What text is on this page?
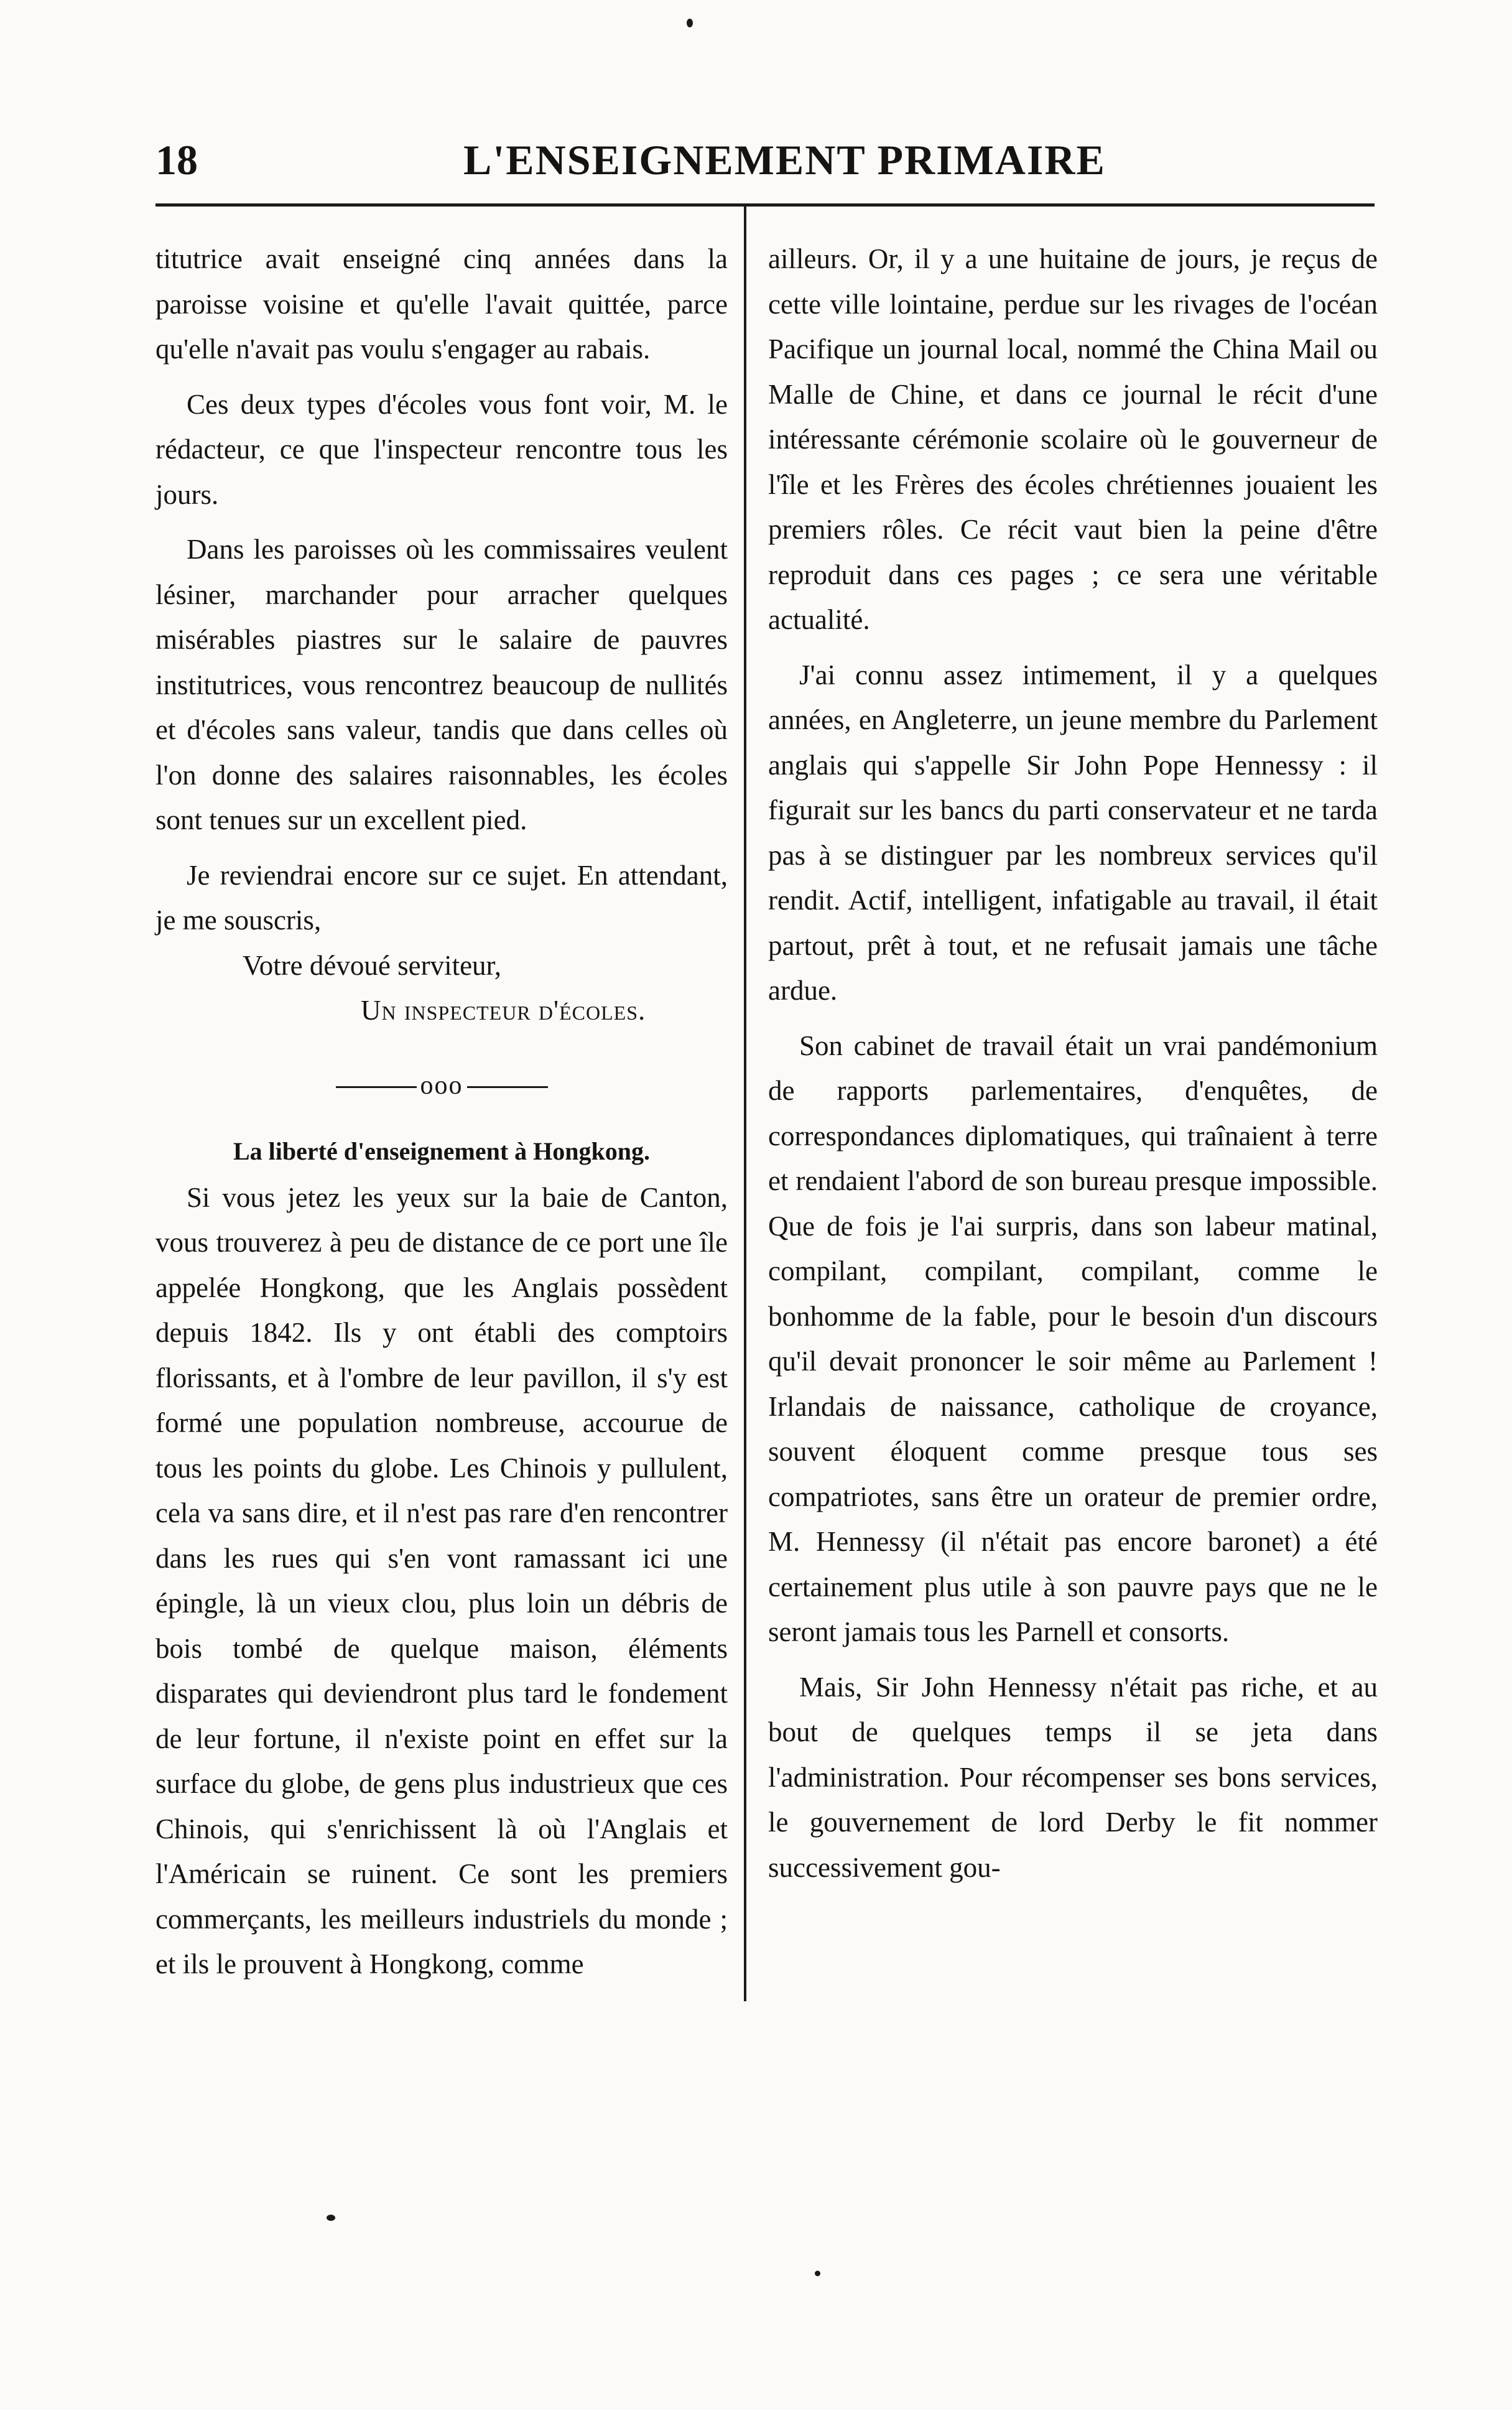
18	L'ENSEIGNEMENT PRIMAIRE

titutrice avait enseigné cinq années dans la paroisse voisine et qu'elle l'avait quittée, parce qu'elle n'avait pas voulu s'engager au rabais.

Ces deux types d'écoles vous font voir, M. le rédacteur, ce que l'inspecteur rencontre tous les jours.

Dans les paroisses où les commissaires veulent lésiner, marchander pour arracher quelques misérables piastres sur le salaire de pauvres institutrices, vous rencontrez beaucoup de nullités et d'écoles sans valeur, tandis que dans celles où l'on donne des salaires raisonnables, les écoles sont tenues sur un excellent pied.

Je reviendrai encore sur ce sujet. En attendant, je me souscris,

Votre dévoué serviteur,
Un inspecteur d'écoles.
ooo
La liberté d'enseignement à Hongkong.

Si vous jetez les yeux sur la baie de Canton, vous trouverez à peu de distance de ce port une île appelée Hongkong, que les Anglais possèdent depuis 1842. Ils y ont établi des comptoirs florissants, et à l'ombre de leur pavillon, il s'y est formé une population nombreuse, accourue de tous les points du globe. Les Chinois y pullulent, cela va sans dire, et il n'est pas rare d'en rencontrer dans les rues qui s'en vont ramassant ici une épingle, là un vieux clou, plus loin un débris de bois tombé de quelque maison, éléments disparates qui deviendront plus tard le fondement de leur fortune, il n'existe point en effet sur la surface du globe, de gens plus industrieux que ces Chinois, qui s'enrichissent là où l'Anglais et l'Américain se ruinent. Ce sont les premiers commerçants, les meilleurs industriels du monde ; et ils le prouvent à Hongkong, comme

ailleurs. Or, il y a une huitaine de jours, je reçus de cette ville lointaine, perdue sur les rivages de l'océan Pacifique un journal local, nommé the China Mail ou Malle de Chine, et dans ce journal le récit d'une intéressante cérémonie scolaire où le gouverneur de l'île et les Frères des écoles chrétiennes jouaient les premiers rôles. Ce récit vaut bien la peine d'être reproduit dans ces pages ; ce sera une véritable actualité.

J'ai connu assez intimement, il y a quelques années, en Angleterre, un jeune membre du Parlement anglais qui s'appelle Sir John Pope Hennessy : il figurait sur les bancs du parti conservateur et ne tarda pas à se distinguer par les nombreux services qu'il rendit. Actif, intelligent, infatigable au travail, il était partout, prêt à tout, et ne refusait jamais une tâche ardue.

Son cabinet de travail était un vrai pandémonium de rapports parlementaires, d'enquêtes, de correspondances diplomatiques, qui traînaient à terre et rendaient l'abord de son bureau presque impossible. Que de fois je l'ai surpris, dans son labeur matinal, compilant, compilant, compilant, comme le bonhomme de la fable, pour le besoin d'un discours qu'il devait prononcer le soir même au Parlement ! Irlandais de naissance, catholique de croyance, souvent éloquent comme presque tous ses compatriotes, sans être un orateur de premier ordre, M. Hennessy (il n'était pas encore baronet) a été certainement plus utile à son pauvre pays que ne le seront jamais tous les Parnell et consorts.

Mais, Sir John Hennessy n'était pas riche, et au bout de quelques temps il se jeta dans l'administration. Pour récompenser ses bons services, le gouvernement de lord Derby le fit nommer successivement gou-
